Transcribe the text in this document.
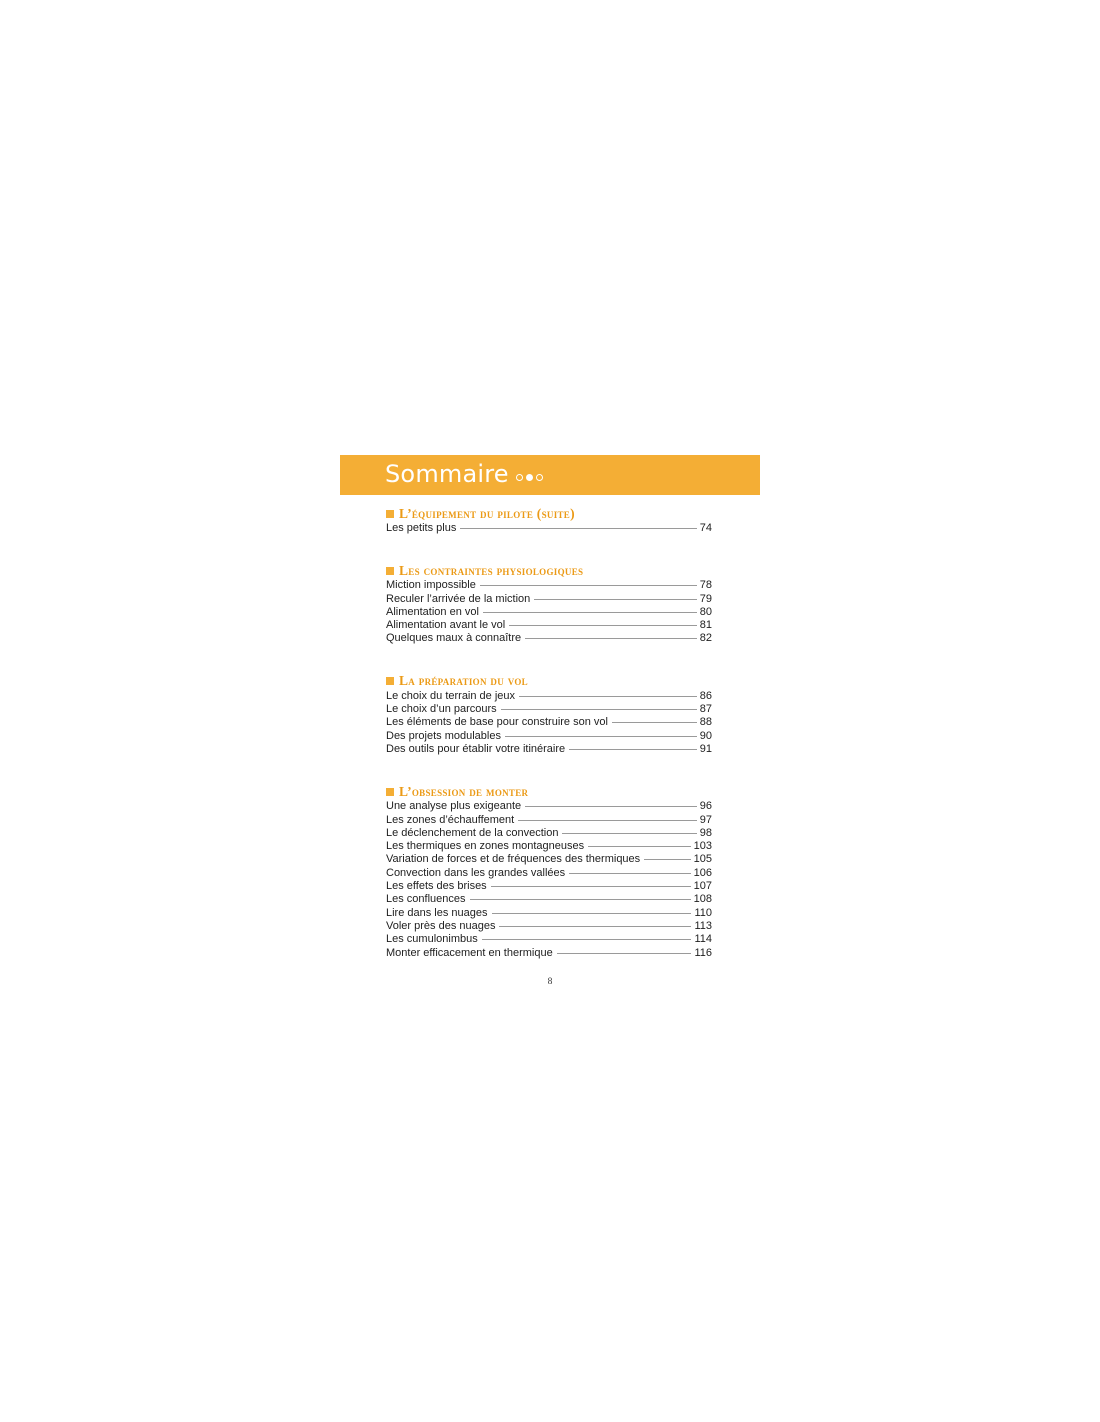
Sommaire
L’équipement du pilote (suite)
Les petits plus	74
Les contraintes physiologiques
Miction impossible	78
Reculer l’arrivée de la miction	79
Alimentation en vol	80
Alimentation avant le vol	81
Quelques maux à connaître	82
La préparation du vol
Le choix du terrain de jeux	86
Le choix d’un parcours	87
Les éléments de base pour construire son vol	88
Des projets modulables	90
Des outils pour établir votre itinéraire	91
L’obsession de monter
Une analyse plus exigeante	96
Les zones d’échauffement	97
Le déclenchement de la convection	98
Les thermiques en zones montagneuses	103
Variation de forces et de fréquences des thermiques	105
Convection dans les grandes vallées	106
Les effets des brises	107
Les confluences	108
Lire dans les nuages	110
Voler près des nuages	113
Les cumulonimbus	114
Monter efficacement en thermique	116
8
